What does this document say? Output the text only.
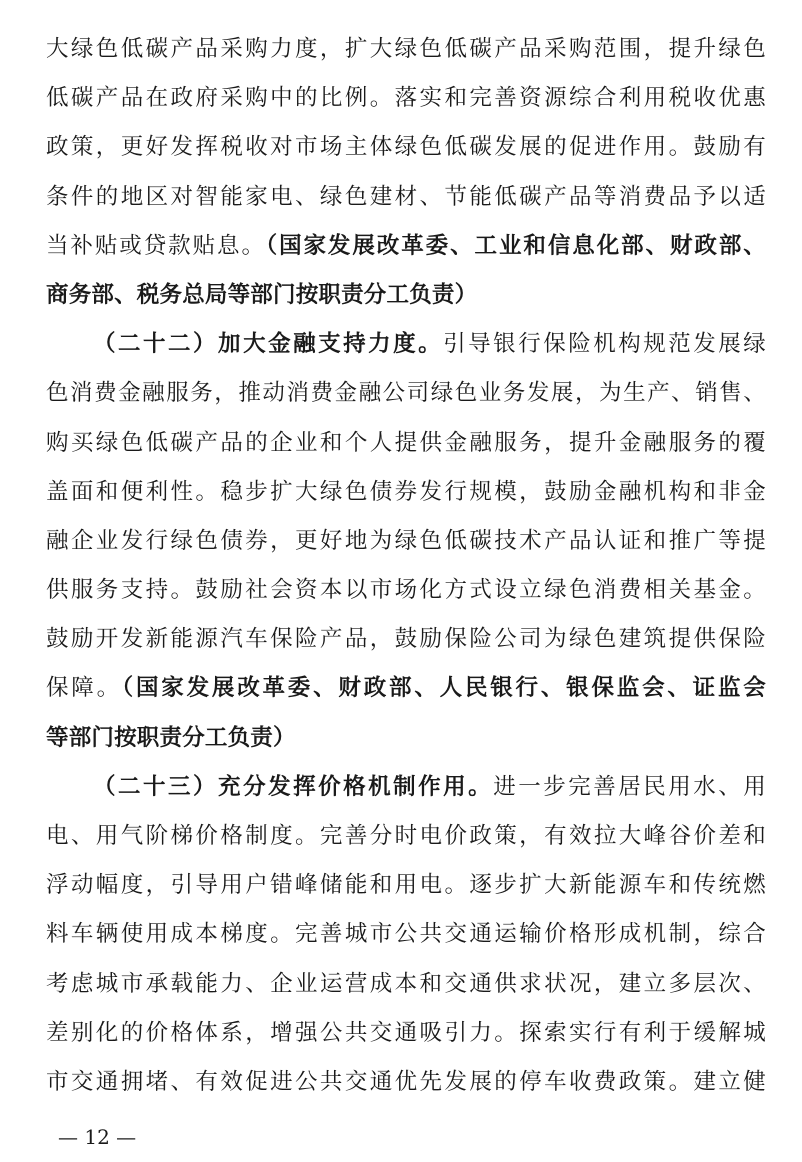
大绿色低碳产品采购力度，扩大绿色低碳产品采购范围，提升绿色
低碳产品在政府采购中的比例。落实和完善资源综合利用税收优惠
政策，更好发挥税收对市场主体绿色低碳发展的促进作用。鼓励有
条件的地区对智能家电、绿色建材、节能低碳产品等消费品予以适
当补贴或贷款贴息。（国家发展改革委、工业和信息化部、财政部、
商务部、税务总局等部门按职责分工负责）
（二十二）加大金融支持力度。引导银行保险机构规范发展绿
色消费金融服务，推动消费金融公司绿色业务发展，为生产、销售、
购买绿色低碳产品的企业和个人提供金融服务，提升金融服务的覆
盖面和便利性。稳步扩大绿色债券发行规模，鼓励金融机构和非金
融企业发行绿色债券，更好地为绿色低碳技术产品认证和推广等提
供服务支持。鼓励社会资本以市场化方式设立绿色消费相关基金。
鼓励开发新能源汽车保险产品，鼓励保险公司为绿色建筑提供保险
保障。（国家发展改革委、财政部、人民银行、银保监会、证监会
等部门按职责分工负责）
（二十三）充分发挥价格机制作用。进一步完善居民用水、用
电、用气阶梯价格制度。完善分时电价政策，有效拉大峰谷价差和
浮动幅度，引导用户错峰储能和用电。逐步扩大新能源车和传统燃
料车辆使用成本梯度。完善城市公共交通运输价格形成机制，综合
考虑城市承载能力、企业运营成本和交通供求状况，建立多层次、
差别化的价格体系，增强公共交通吸引力。探索实行有利于缓解城
市交通拥堵、有效促进公共交通优先发展的停车收费政策。建立健
— 12 —
